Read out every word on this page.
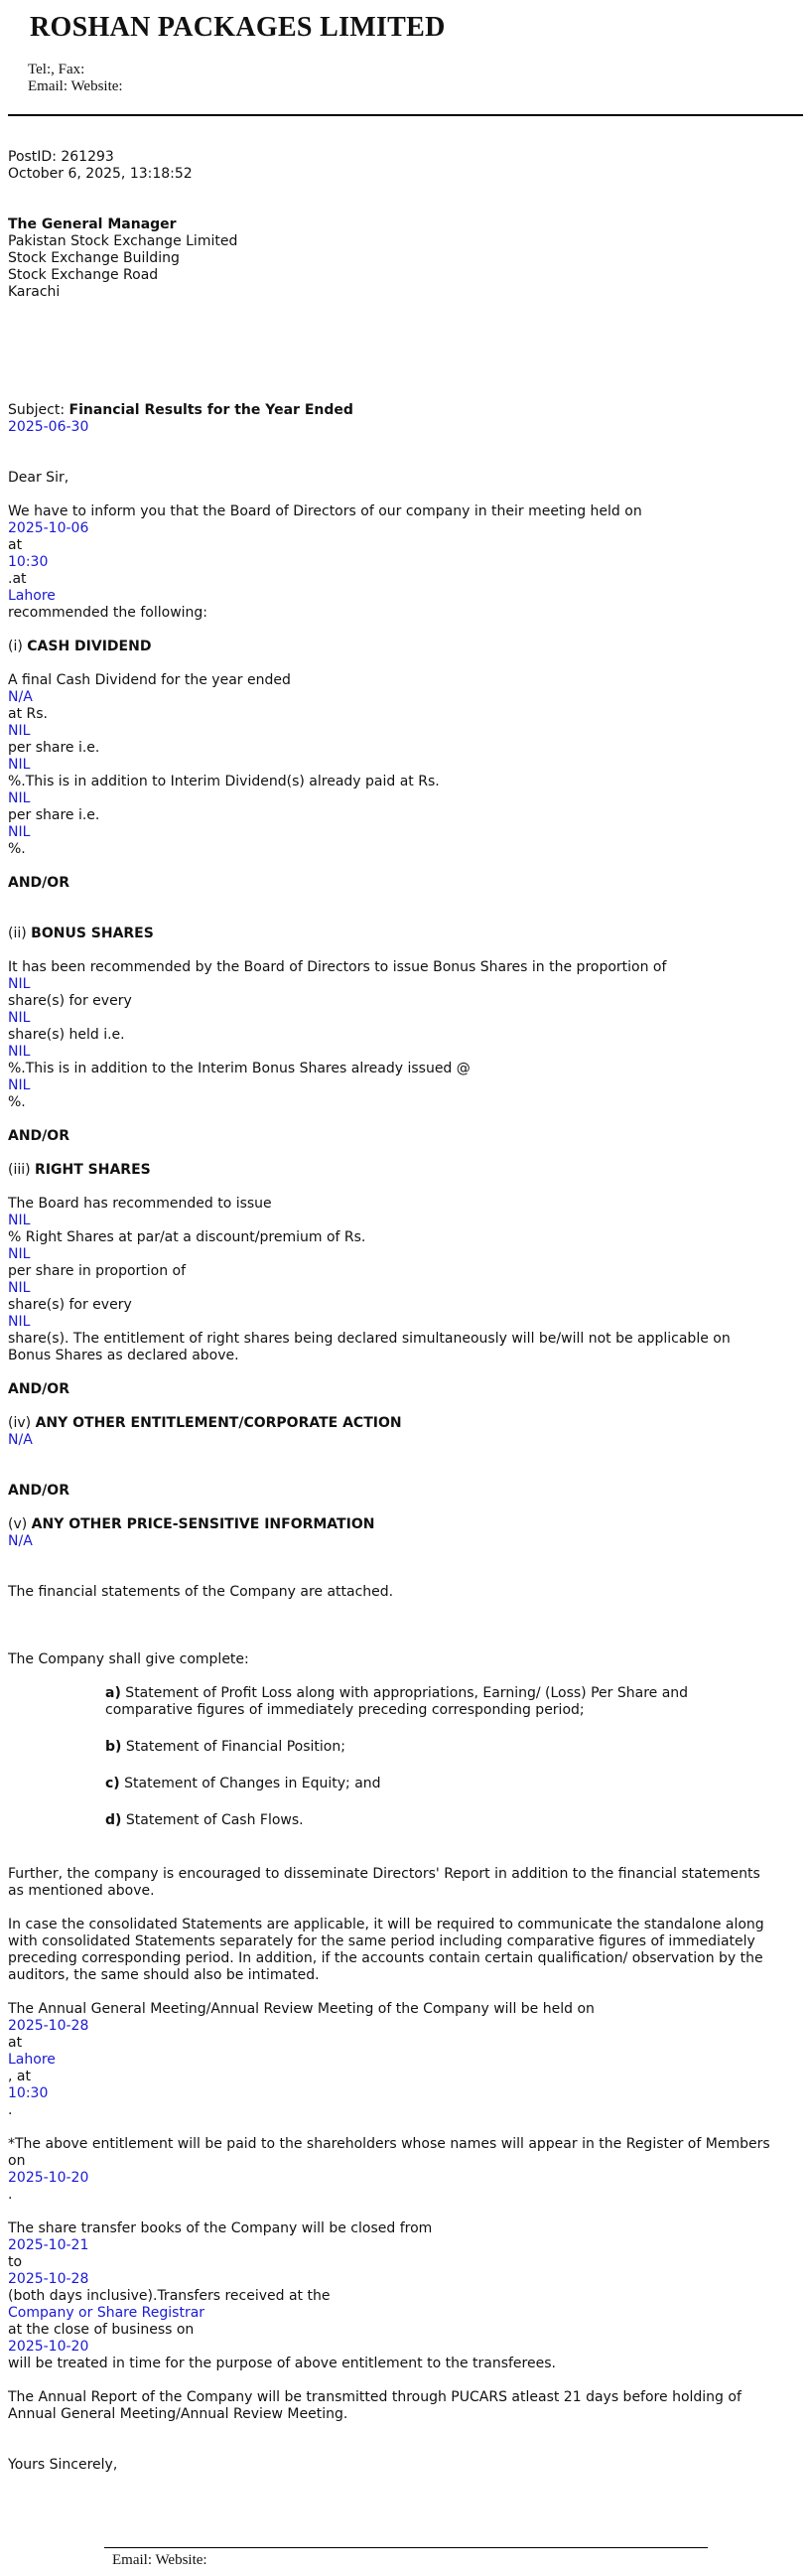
ROSHAN PACKAGES LIMITED
Tel:, Fax:
Email: Website:
PostID: 261293
October 6, 2025, 13:18:52
The General Manager
Pakistan Stock Exchange Limited
Stock Exchange Building
Stock Exchange Road
Karachi
Subject: Financial Results for the Year Ended
2025-06-30
Dear Sir,
We have to inform you that the Board of Directors of our company in their meeting held on
2025-10-06
at
10:30
.at
Lahore
recommended the following:
(i) CASH DIVIDEND
A final Cash Dividend for the year ended
N/A
at Rs.
NIL
per share i.e.
NIL
%.This is in addition to Interim Dividend(s) already paid at Rs.
NIL
per share i.e.
NIL
%.
AND/OR
(ii) BONUS SHARES
It has been recommended by the Board of Directors to issue Bonus Shares in the proportion of
NIL
share(s) for every
NIL
share(s) held i.e.
NIL
%.This is in addition to the Interim Bonus Shares already issued @
NIL
%.
AND/OR
(iii) RIGHT SHARES
The Board has recommended to issue
NIL
% Right Shares at par/at a discount/premium of Rs.
NIL
per share in proportion of
NIL
share(s) for every
NIL
share(s). The entitlement of right shares being declared simultaneously will be/will not be applicable on Bonus Shares as declared above.
AND/OR
(iv) ANY OTHER ENTITLEMENT/CORPORATE ACTION
N/A
AND/OR
(v) ANY OTHER PRICE-SENSITIVE INFORMATION
N/A
The financial statements of the Company are attached.
The Company shall give complete:
a) Statement of Profit Loss along with appropriations, Earning/ (Loss) Per Share and comparative figures of immediately preceding corresponding period;
b) Statement of Financial Position;
c) Statement of Changes in Equity; and
d) Statement of Cash Flows.
Further, the company is encouraged to disseminate Directors' Report in addition to the financial statements as mentioned above.
In case the consolidated Statements are applicable, it will be required to communicate the standalone along with consolidated Statements separately for the same period including comparative figures of immediately preceding corresponding period. In addition, if the accounts contain certain qualification/ observation by the auditors, the same should also be intimated.
The Annual General Meeting/Annual Review Meeting of the Company will be held on
2025-10-28
at
Lahore
, at
10:30
.
*The above entitlement will be paid to the shareholders whose names will appear in the Register of Members on
2025-10-20
.
The share transfer books of the Company will be closed from
2025-10-21
to
2025-10-28
(both days inclusive).Transfers received at the
Company or Share Registrar
at the close of business on
2025-10-20
will be treated in time for the purpose of above entitlement to the transferees.
The Annual Report of the Company will be transmitted through PUCARS atleast 21 days before holding of Annual General Meeting/Annual Review Meeting.
Yours Sincerely,
Email: Website:
